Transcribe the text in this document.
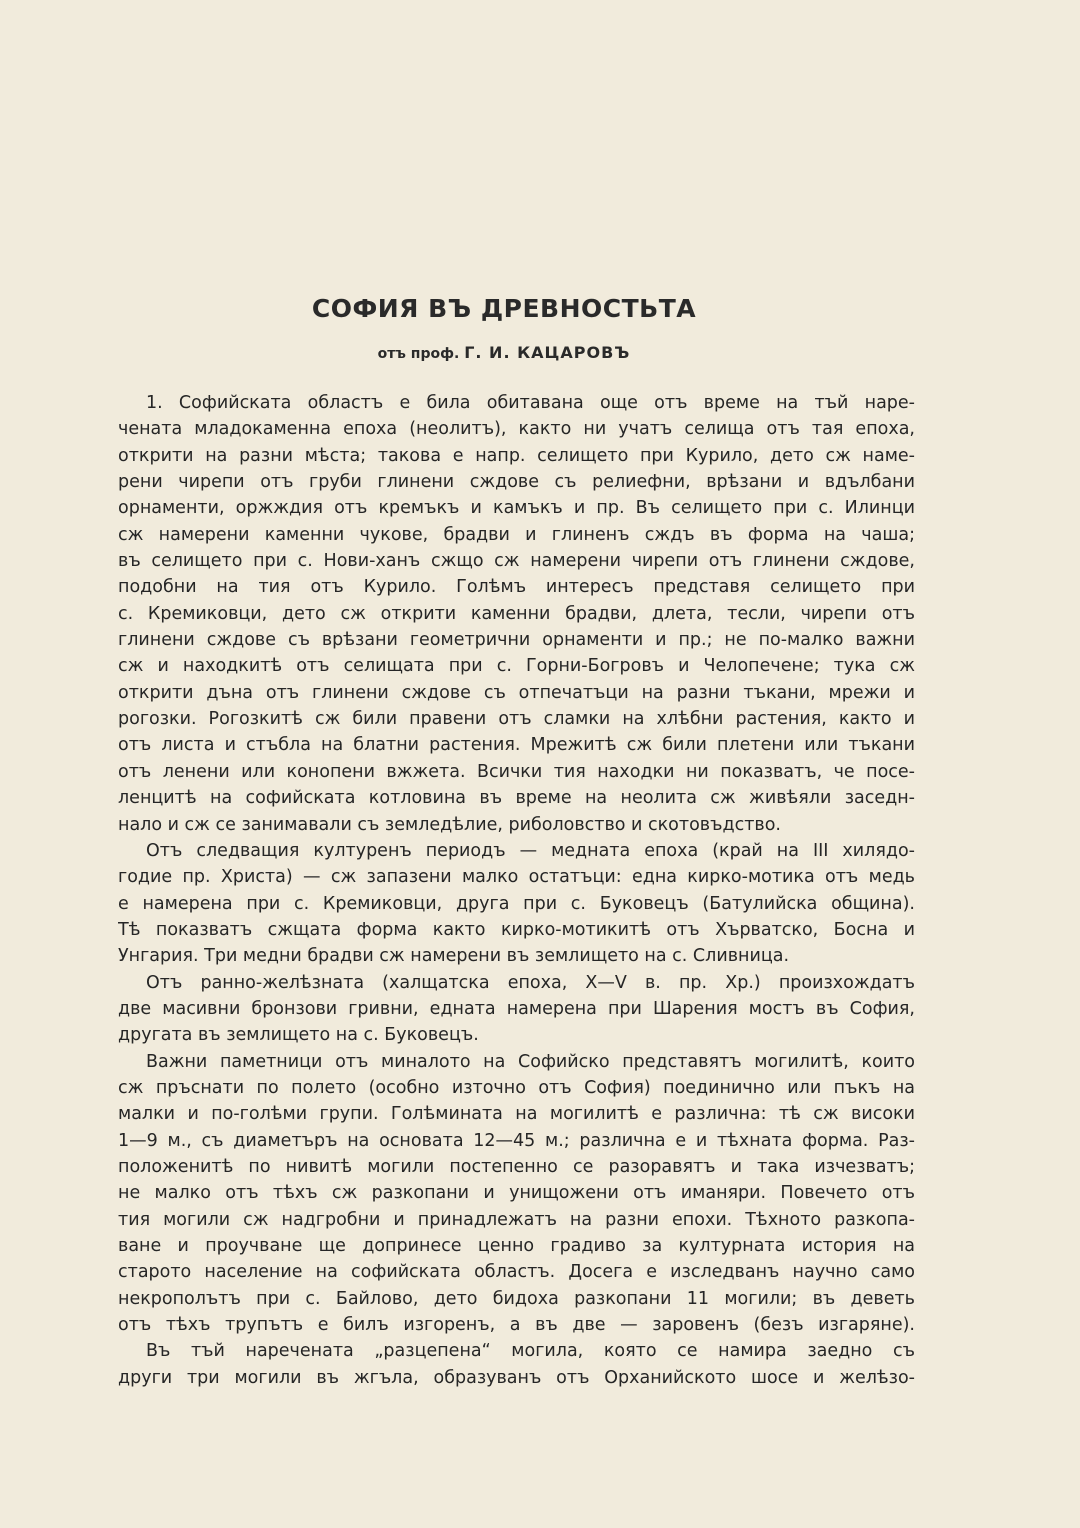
СОФИЯ ВЪ ДРЕВНОСТЬТА
отъ проф. Г. И. КАЦАРОВЪ
1. Софийската областъ е била обитавана още отъ време на тъй наре-
чената младокаменна епоха (неолитъ), както ни учатъ селища отъ тая епоха,
открити на разни мѣста; такова е напр. селището при Курило, дето сж наме-
рени чирепи отъ груби глинени сждове съ релиефни, врѣзани и вдълбани
орнаменти, оржждия отъ кремъкъ и камъкъ и пр. Въ селището при с. Илинци
сж намерени каменни чукове, брадви и глиненъ сждъ въ форма на чаша;
въ селището при с. Нови-ханъ сжщо сж намерени чирепи отъ глинени сждове,
подобни на тия отъ Курило. Голѣмъ интересъ представя селището при
с. Кремиковци, дето сж открити каменни брадви, длета, тесли, чирепи отъ
глинени сждове съ врѣзани геометрични орнаменти и пр.; не по-малко важни
сж и находкитѣ отъ селищата при с. Горни-Богровъ и Челопечене; тука сж
открити дъна отъ глинени сждове съ отпечатъци на разни тъкани, мрежи и
рогозки. Рогозкитѣ сж били правени отъ сламки на хлѣбни растения, както и
отъ листа и стъбла на блатни растения. Мрежитѣ сж били плетени или тъкани
отъ ленени или конопени вжжета. Всички тия находки ни показватъ, че посе-
ленцитѣ на софийската котловина въ време на неолита сж живѣяли заседн-
нало и сж се занимавали съ земледѣлие, риболовство и скотовъдство.
Отъ следващия културенъ периодъ — медната епоха (край на III хилядо-
годие пр. Христа) — сж запазени малко остатъци: една кирко-мотика отъ медь
е намерена при с. Кремиковци, друга при с. Буковецъ (Батулийска община).
Тѣ показватъ сжщата форма както кирко-мотикитѣ отъ Хърватско, Босна и
Унгария. Три медни брадви сж намерени въ землището на с. Сливница.
Отъ ранно-желѣзната (халщатска епоха, X—V в. пр. Хр.) произхождатъ
две масивни бронзови гривни, едната намерена при Шарения мостъ въ София,
другата въ землището на с. Буковецъ.
Важни паметници отъ миналото на Софийско представятъ могилитѣ, които
сж пръснати по полето (особно източно отъ София) поединично или пъкъ на
малки и по-голѣми групи. Голѣмината на могилитѣ е различна: тѣ сж високи
1—9 м., съ диаметъръ на основата 12—45 м.; различна е и тѣхната форма. Раз-
положенитѣ по нивитѣ могили постепенно се разоравятъ и така изчезватъ;
не малко отъ тѣхъ сж разкопани и унищожени отъ иманяри. Повечето отъ
тия могили сж надгробни и принадлежатъ на разни епохи. Тѣхното разкопа-
ване и проучване ще допринесе ценно градиво за културната история на
старото население на софийската областъ. Досега е изследванъ научно само
некрополътъ при с. Байлово, дето бидоха разкопани 11 могили; въ деветь
отъ тѣхъ трупътъ е билъ изгоренъ, а въ две — заровенъ (безъ изгаряне).
Въ тъй наречената „разцепена“ могила, която се намира заедно съ
други три могили въ жгъла, образуванъ отъ Орханийското шосе и желѣзо-
